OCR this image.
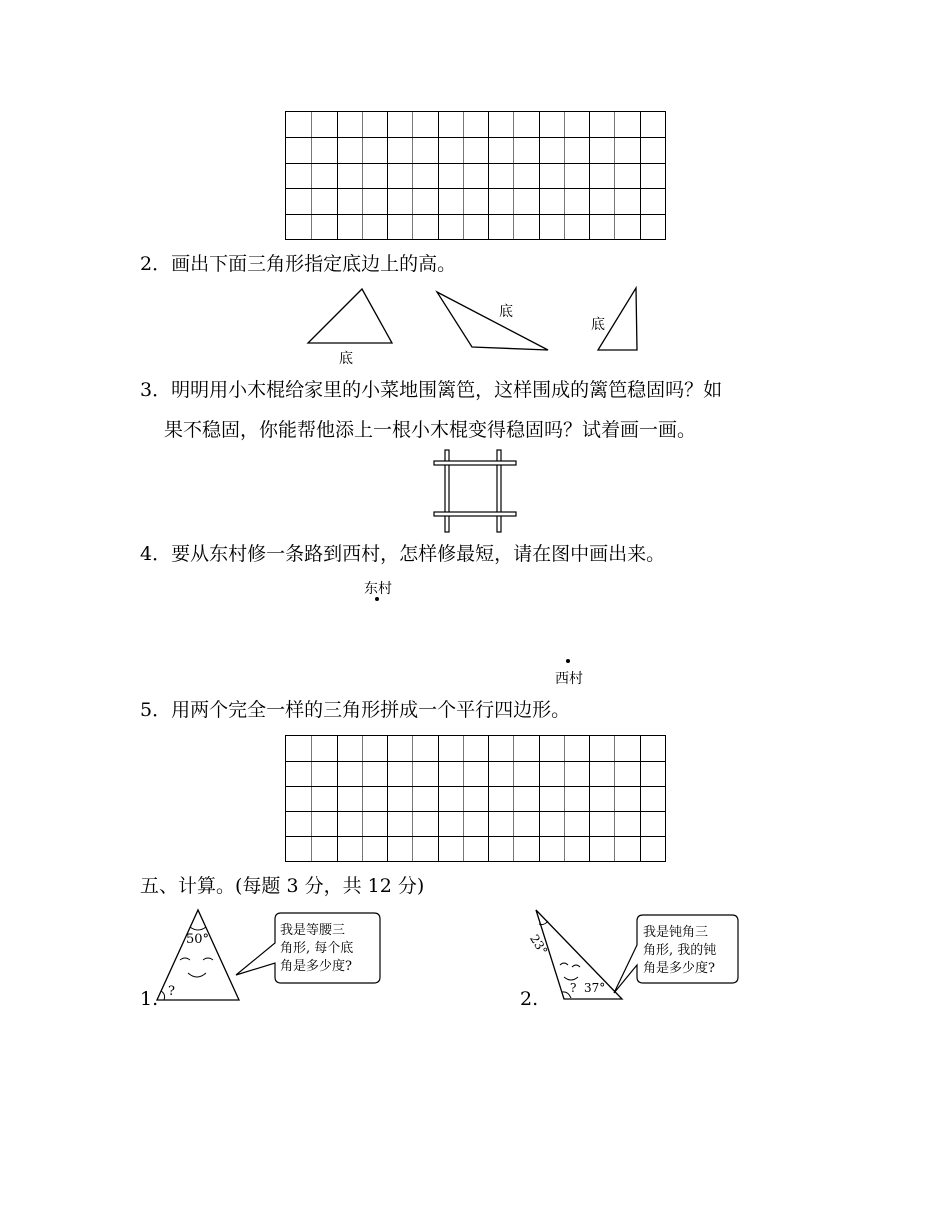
2．画出下面三角形指定底边上的高。
底
底
底
3．明明用小木棍给家里的小菜地围篱笆，这样围成的篱笆稳固吗？如
果不稳固，你能帮他添上一根小木棍变得稳固吗？试着画一画。
4．要从东村修一条路到西村，怎样修最短，请在图中画出来。
东村
西村
5．用两个完全一样的三角形拼成一个平行四边形。
五、计算。(每题 3 分，共 12 分)
1.
50°
?
我是等腰三
角形, 每个底
角是多少度?
2.
23°
? 37°
我是钝角三
角形, 我的钝
角是多少度?
